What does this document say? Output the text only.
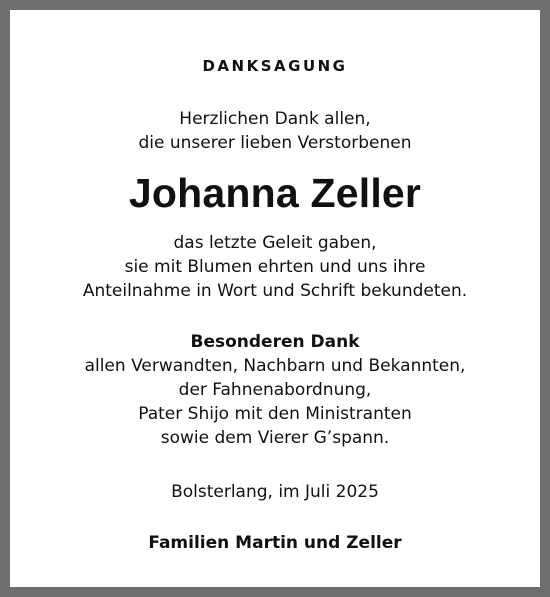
DANKSAGUNG
Herzlichen Dank allen,
die unserer lieben Verstorbenen
Johanna Zeller
das letzte Geleit gaben,
sie mit Blumen ehrten und uns ihre
Anteilnahme in Wort und Schrift bekundeten.
Besonderen Dank
allen Verwandten, Nachbarn und Bekannten,
der Fahnenabordnung,
Pater Shijo mit den Ministranten
sowie dem Vierer G’spann.
Bolsterlang, im Juli 2025
Familien Martin und Zeller
